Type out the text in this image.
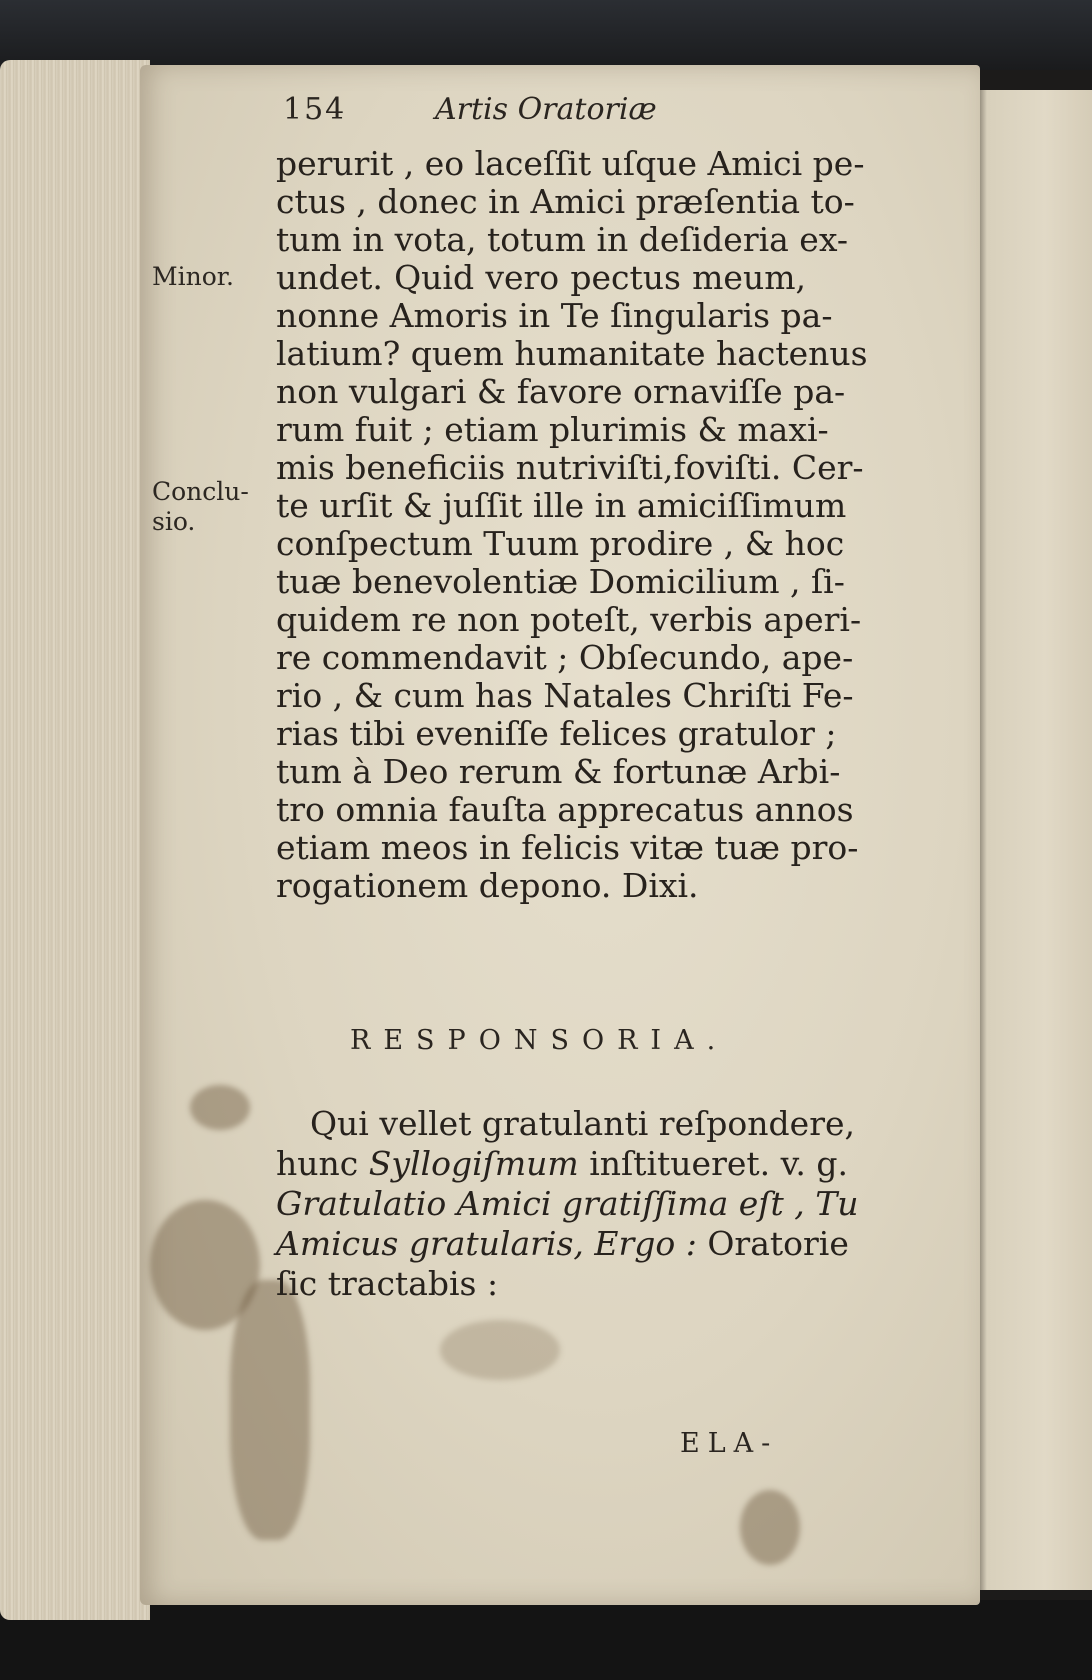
154	Artis Oratoriæ
Minor.
Conclu-
sio.
perurit , eo laceſſit uſque Amici pe-
ctus , donec in Amici præſentia to-
tum in vota, totum in deſideria ex-
undet. Quid vero pectus meum,
nonne Amoris in Te ſingularis pa-
latium? quem humanitate hactenus
non vulgari & favore ornaviſſe pa-
rum fuit ; etiam plurimis & maxi-
mis beneficiis nutriviſti,foviſti. Cer-
te urſit & juſſit ille in amiciſſimum
conſpectum Tuum prodire , & hoc
tuæ benevolentiæ Domicilium , ſi-
quidem re non poteſt, verbis aperi-
re commendavit ; Obſecundo, ape-
rio , & cum has Natales Chriſti Fe-
rias tibi eveniſſe felices gratulor ;
tum à Deo rerum & fortunæ Arbi-
tro omnia fauſta apprecatus annos
etiam meos in felicis vitæ tuæ pro-
rogationem depono. Dixi.
RESPONSORIA.
Qui vellet gratulanti reſpondere,
hunc Syllogiſmum inſtitueret. v. g.
Gratulatio Amici gratiſſima eſt , Tu
Amicus gratularis, Ergo : Oratorie
ſic tractabis :
ELA-
